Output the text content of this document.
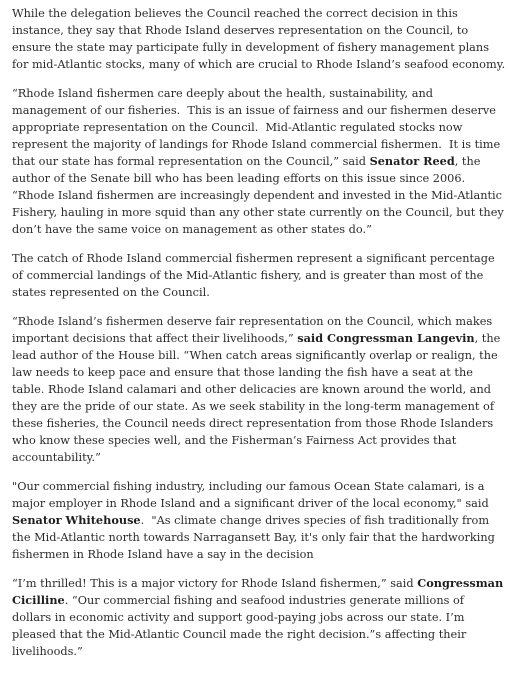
While the delegation believes the Council reached the correct decision in this instance, they say that Rhode Island deserves representation on the Council, to ensure the state may participate fully in development of fishery management plans for mid-Atlantic stocks, many of which are crucial to Rhode Island’s seafood economy.

“Rhode Island fishermen care deeply about the health, sustainability, and management of our fisheries.  This is an issue of fairness and our fishermen deserve appropriate representation on the Council.  Mid-Atlantic regulated stocks now represent the majority of landings for Rhode Island commercial fishermen.  It is time that our state has formal representation on the Council,” said Senator Reed, the author of the Senate bill who has been leading efforts on this issue since 2006.  “Rhode Island fishermen are increasingly dependent and invested in the Mid-Atlantic Fishery, hauling in more squid than any other state currently on the Council, but they don’t have the same voice on management as other states do.”

The catch of Rhode Island commercial fishermen represent a significant percentage of commercial landings of the Mid-Atlantic fishery, and is greater than most of the states represented on the Council.

“Rhode Island’s fishermen deserve fair representation on the Council, which makes important decisions that affect their livelihoods,” said Congressman Langevin, the lead author of the House bill. “When catch areas significantly overlap or realign, the law needs to keep pace and ensure that those landing the fish have a seat at the table. Rhode Island calamari and other delicacies are known around the world, and they are the pride of our state. As we seek stability in the long-term management of these fisheries, the Council needs direct representation from those Rhode Islanders who know these species well, and the Fisherman’s Fairness Act provides that accountability.”

"Our commercial fishing industry, including our famous Ocean State calamari, is a major employer in Rhode Island and a significant driver of the local economy," said Senator Whitehouse.  "As climate change drives species of fish traditionally from the Mid-Atlantic north towards Narragansett Bay, it's only fair that the hardworking fishermen in Rhode Island have a say in the decision

“I’m thrilled! This is a major victory for Rhode Island fishermen,” said Congressman Cicilline. “Our commercial fishing and seafood industries generate millions of dollars in economic activity and support good-paying jobs across our state. I’m pleased that the Mid-Atlantic Council made the right decision.”s affecting their livelihoods.”
